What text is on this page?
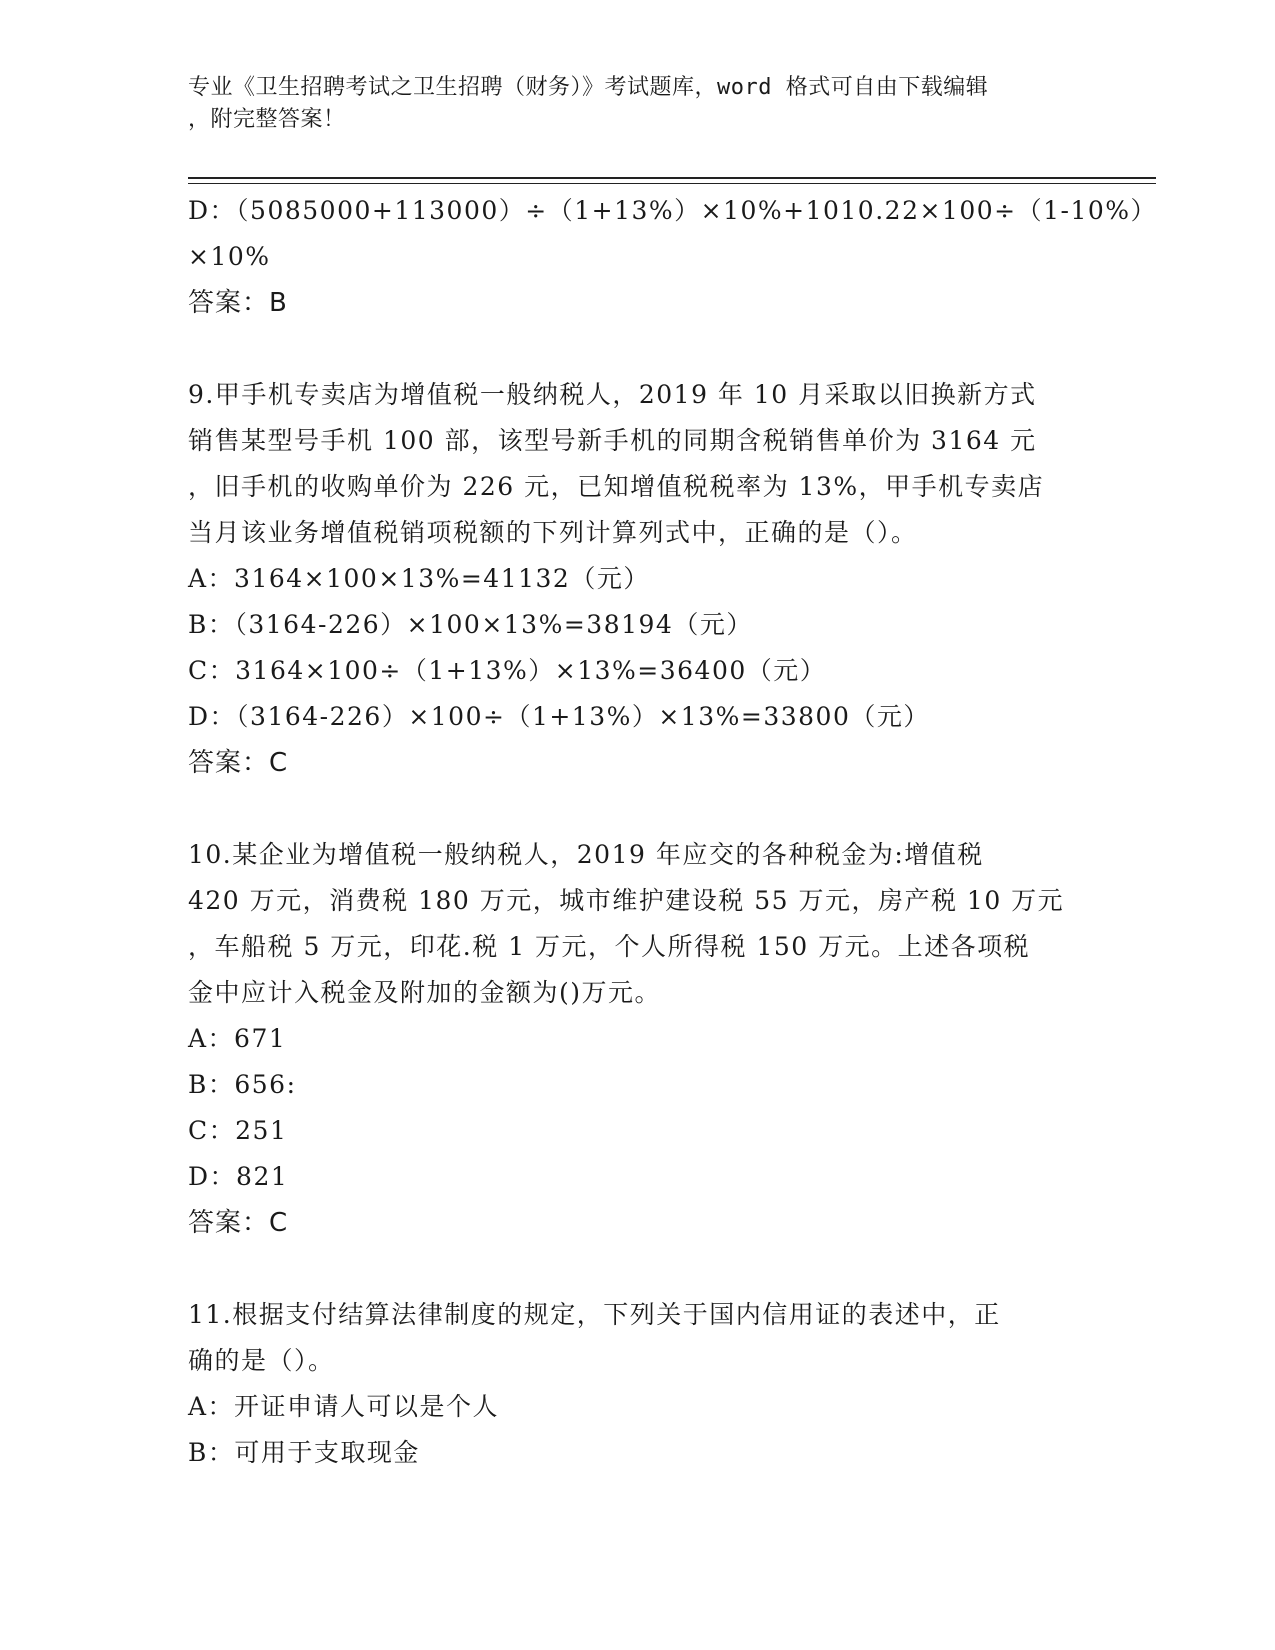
专业《卫生招聘考试之卫生招聘（财务）》考试题库，word 格式可自由下载编辑
，附完整答案！
D：（5085000+113000）÷（1+13%）×10%+1010.22×100÷（1-10%）
×10%
答案：B
9.甲手机专卖店为增值税一般纳税人，2019 年 10 月采取以旧换新方式
销售某型号手机 100 部，该型号新手机的同期含税销售单价为 3164 元
，旧手机的收购单价为 226 元，已知增值税税率为 13%，甲手机专卖店
当月该业务增值税销项税额的下列计算列式中，正确的是（）。
A：3164×100×13%=41132（元）
B：（3164-226）×100×13%=38194（元）
C：3164×100÷（1+13%）×13%=36400（元）
D：（3164-226）×100÷（1+13%）×13%=33800（元）
答案：C
10.某企业为增值税一般纳税人，2019 年应交的各种税金为:增值税
420 万元，消费税 180 万元，城市维护建设税 55 万元，房产税 10 万元
，车船税 5 万元，印花.税 1 万元，个人所得税 150 万元。上述各项税
金中应计入税金及附加的金额为()万元。
A：671
B：656:
C：251
D：821
答案：C
11.根据支付结算法律制度的规定，下列关于国内信用证的表述中，正
确的是（）。
A：开证申请人可以是个人
B：可用于支取现金
